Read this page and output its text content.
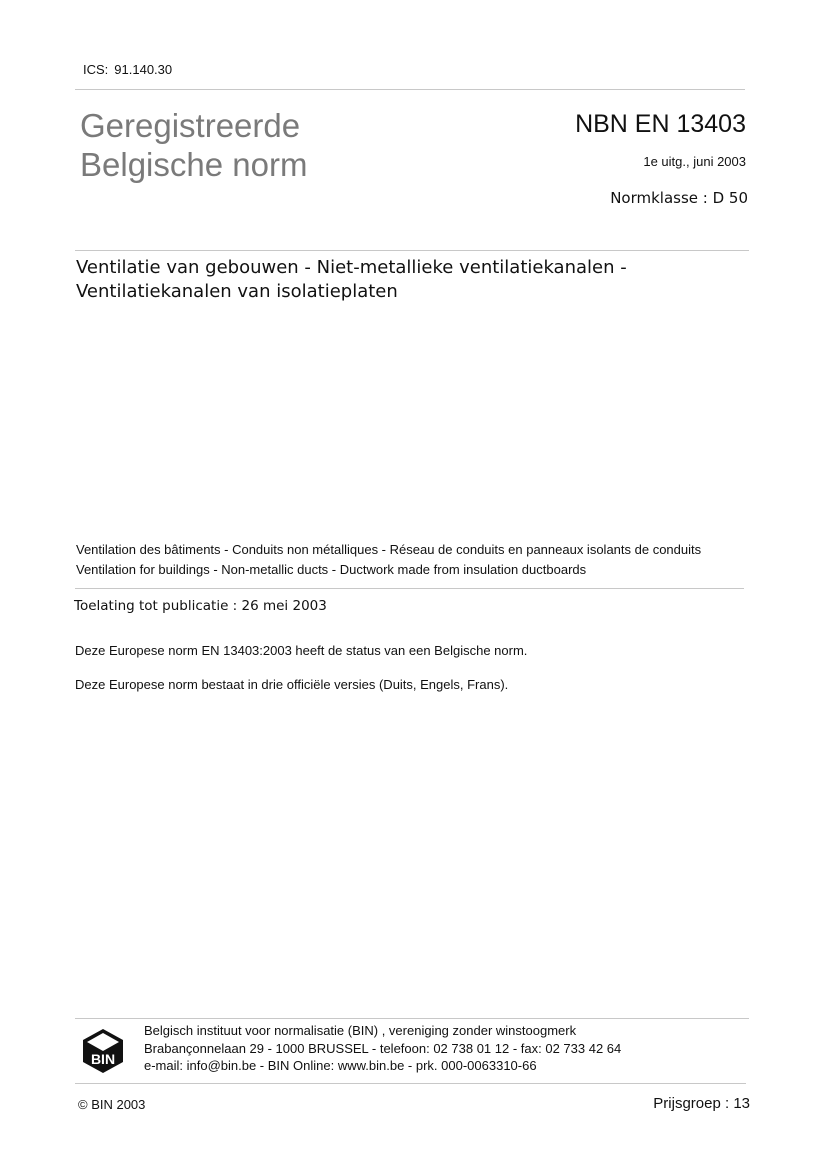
ICS: 91.140.30
Geregistreerde
Belgische norm
NBN EN 13403
1e uitg., juni 2003
Normklasse : D 50
Ventilatie van gebouwen - Niet-metallieke ventilatiekanalen -
Ventilatiekanalen van isolatieplaten
Ventilation des bâtiments - Conduits non métalliques - Réseau de conduits en panneaux isolants de conduits
Ventilation for buildings - Non-metallic ducts - Ductwork made from insulation ductboards
Toelating tot publicatie : 26 mei 2003
Deze Europese norm EN 13403:2003 heeft de status van een Belgische norm.
Deze Europese norm bestaat in drie officiële versies (Duits, Engels, Frans).
BIN
Belgisch instituut voor normalisatie (BIN) , vereniging zonder winstoogmerk
Brabançonnelaan 29 - 1000 BRUSSEL - telefoon: 02 738 01 12 - fax: 02 733 42 64
e-mail: info@bin.be - BIN Online: www.bin.be - prk. 000-0063310-66
© BIN 2003	Prijsgroep : 13
